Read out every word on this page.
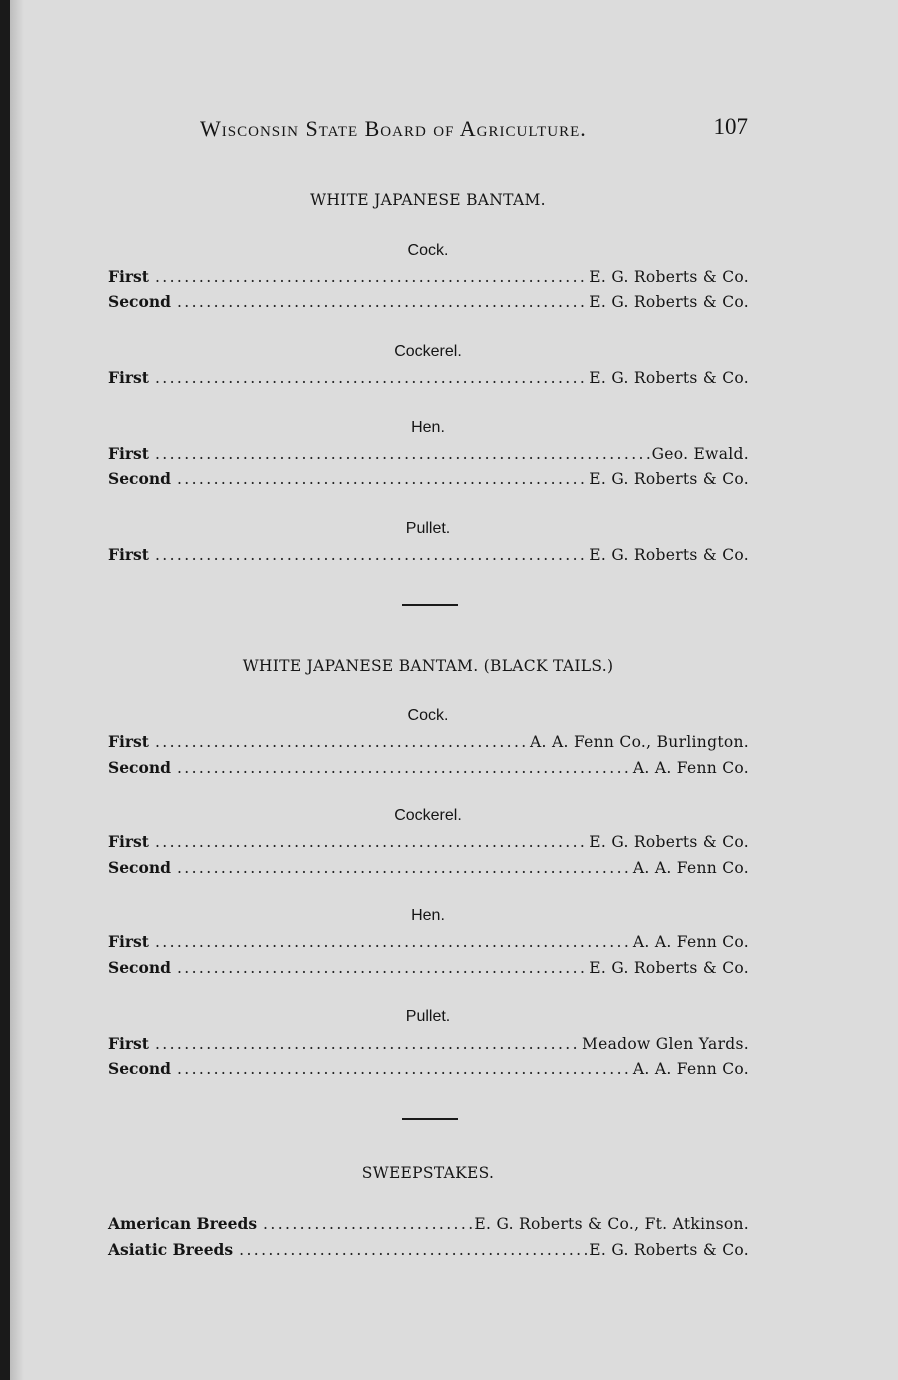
Wisconsin State Board of Agriculture.	107
WHITE JAPANESE BANTAM.
Cock.
First .....	E. G. Roberts & Co.
Second .....	E. G. Roberts & Co.
Cockerel.
First .....	E. G. Roberts & Co.
Hen.
First .....	Geo. Ewald.
Second .....	E. G. Roberts & Co.
Pullet.
First .....	E. G. Roberts & Co.
WHITE JAPANESE BANTAM. (BLACK TAILS.)
Cock.
First .....	A. A. Fenn Co., Burlington.
Second .....	A. A. Fenn Co.
Cockerel.
First .....	E. G. Roberts & Co.
Second .....	A. A. Fenn Co.
Hen.
First .....	A. A. Fenn Co.
Second .....	E. G. Roberts & Co.
Pullet.
First .....	Meadow Glen Yards.
Second .....	A. A. Fenn Co.
SWEEPSTAKES.
American Breeds .....	E. G. Roberts & Co., Ft. Atkinson.
Asiatic Breeds .....	E. G. Roberts & Co.
